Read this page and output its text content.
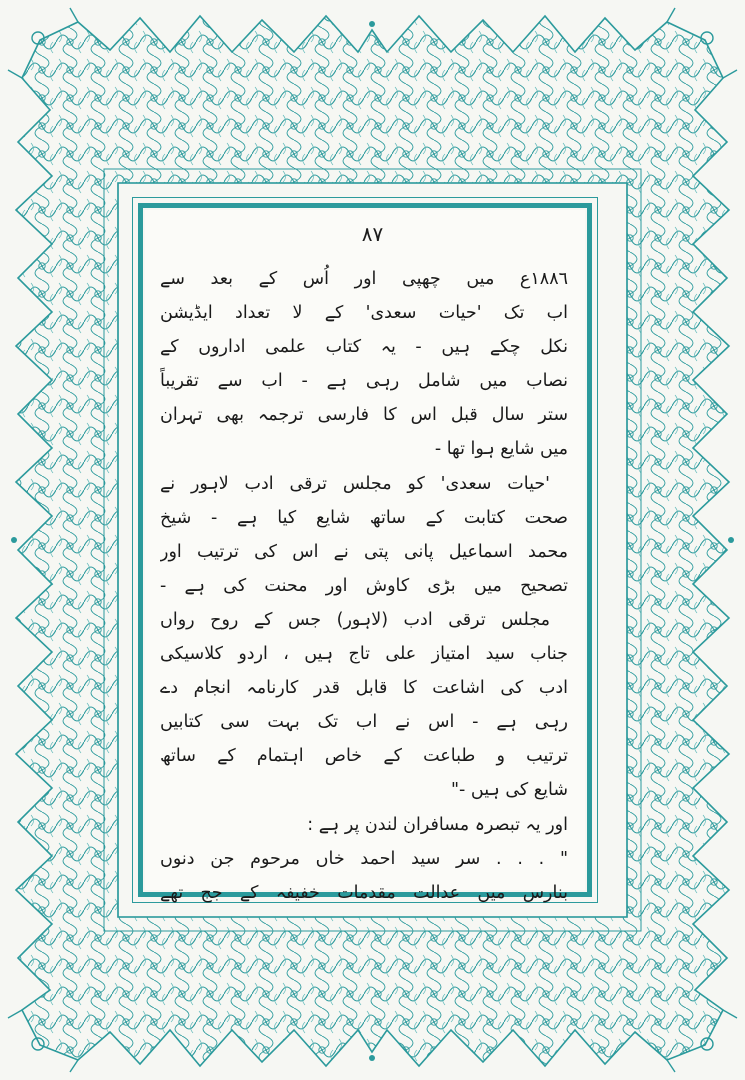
٨٧
١٨٨٦ع میں چھپی اور اُس کے بعد سے
اب تک 'حیات سعدی' کے لا تعداد ایڈیشن
نکل چکے ہیں - یہ کتاب علمی اداروں کے
نصاب میں شامل رہی ہے - اب سے تقریباً
ستر سال قبل اس کا فارسی ترجمہ بھی تہران
میں شایع ہوا تھا -
'حیات سعدی' کو مجلس ترقی ادب لاہور نے
صحت کتابت کے ساتھ شایع کیا ہے - شیخ
محمد اسماعیل پانی پتی نے اس کی ترتیب اور
تصحیح میں بڑی کاوش اور محنت کی ہے -
مجلس ترقی ادب (لاہور) جس کے روح رواں
جناب سید امتیاز علی تاج ہیں ، اردو کلاسیکی
ادب کی اشاعت کا قابل قدر کارنامہ انجام دے
رہی ہے - اس نے اب تک بہت سی کتابیں
ترتیب و طباعت کے خاص اہتمام کے ساتھ
شایع کی ہیں -"
اور یہ تبصرہ مسافران لندن پر ہے :
" . . . سر سید احمد خاں مرحوم جن دنوں
بنارس میں عدالت مقدمات خفیفہ کے جج تھے
